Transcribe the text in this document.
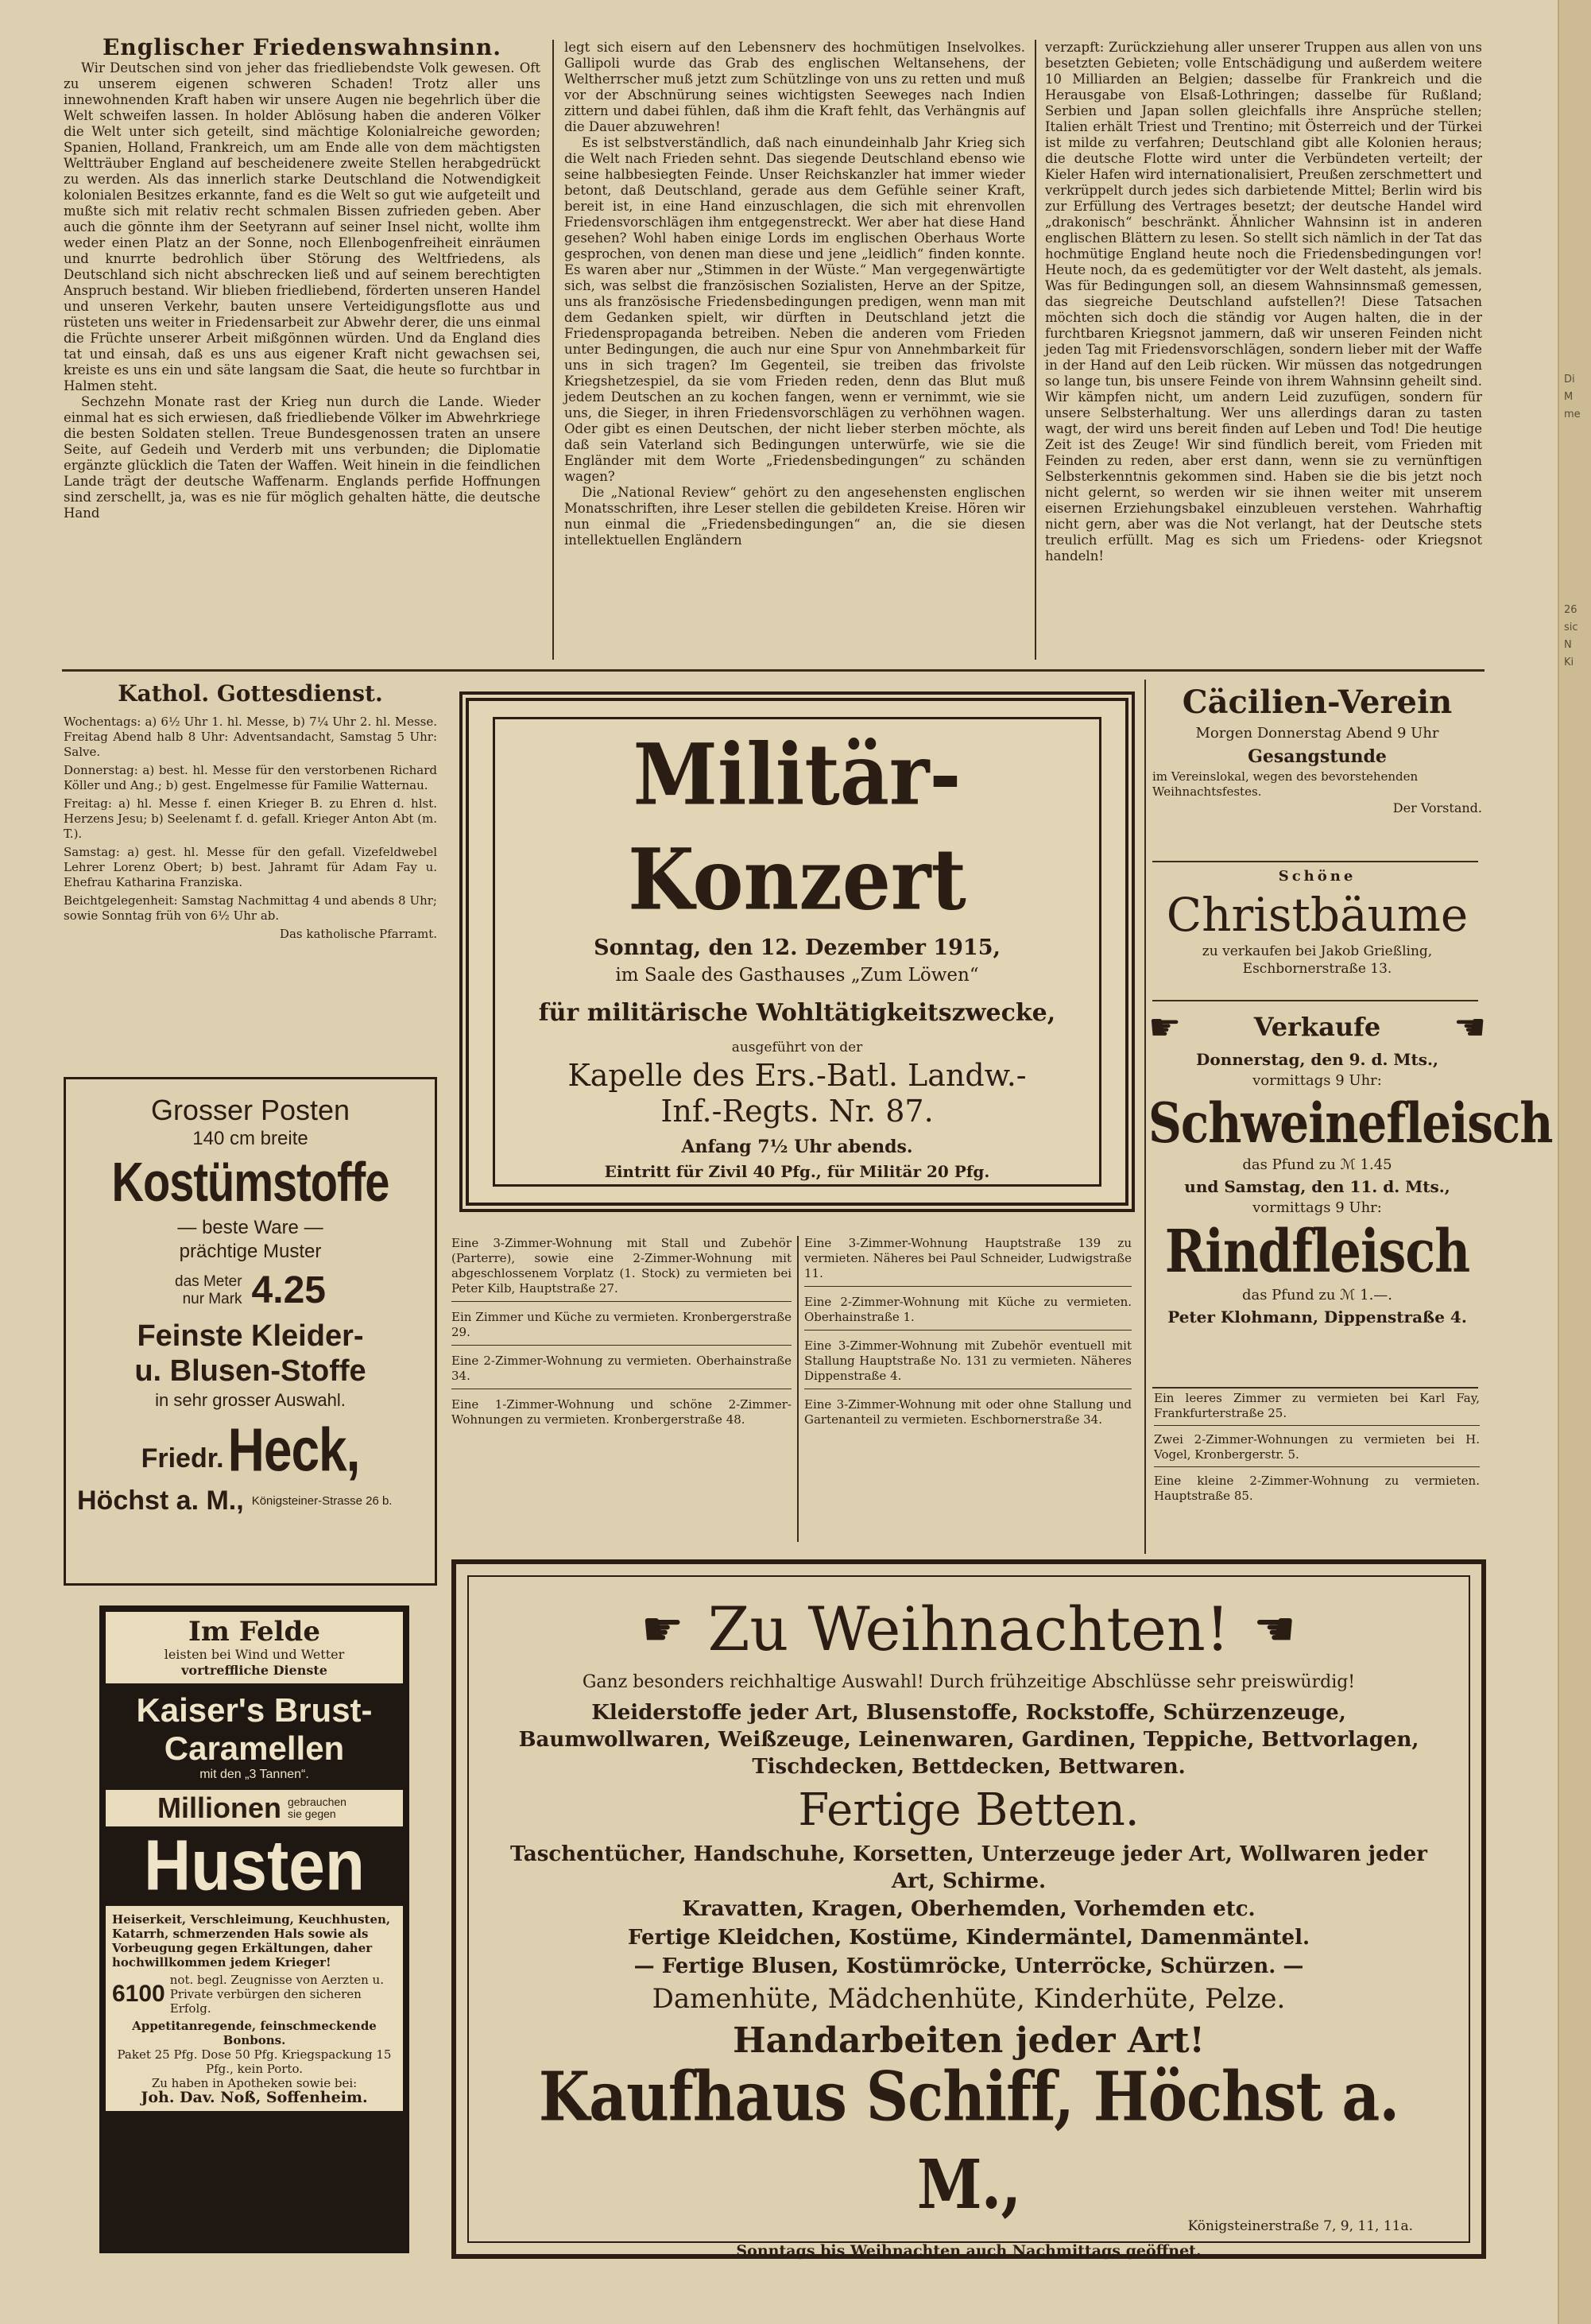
Englischer Friedenswahnsinn.

Wir Deutschen sind von jeher das friedliebendste Volk gewesen. Oft zu unserem eigenen schweren Schaden! Trotz aller uns innewohnenden Kraft haben wir unsere Augen nie begehrlich über die Welt schweifen lassen. In holder Ablösung haben die anderen Völker die Welt unter sich geteilt, sind mächtige Kolonialreiche geworden; Spanien, Holland, Frankreich, um am Ende alle von dem mächtigsten Weltträuber England auf bescheidenere zweite Stellen herabgedrückt zu werden. Als das innerlich starke Deutschland die Notwendigkeit kolonialen Besitzes erkannte, fand es die Welt so gut wie aufgeteilt und mußte sich mit relativ recht schmalen Bissen zufrieden geben. Aber auch die gönnte ihm der Seetyrann auf seiner Insel nicht, wollte ihm weder einen Platz an der Sonne, noch Ellenbogenfreiheit einräumen und knurrte bedrohlich über Störung des Weltfriedens, als Deutschland sich nicht abschrecken ließ und auf seinem berechtigten Anspruch bestand. Wir blieben friedliebend, förderten unseren Handel und unseren Verkehr, bauten unsere Verteidigungsflotte aus und rüsteten uns weiter in Friedensarbeit zur Abwehr derer, die uns einmal die Früchte unserer Arbeit mißgönnen würden. Und da England dies tat und einsah, daß es uns aus eigener Kraft nicht gewachsen sei, kreiste es uns ein und säte langsam die Saat, die heute so furchtbar in Halmen steht.

Sechzehn Monate rast der Krieg nun durch die Lande. Wieder einmal hat es sich erwiesen, daß friedliebende Völker im Abwehrkriege die besten Soldaten stellen. Treue Bundesgenossen traten an unsere Seite, auf Gedeih und Verderb mit uns verbunden; die Diplomatie ergänzte glücklich die Taten der Waffen. Weit hinein in die feindlichen Lande trägt der deutsche Waffenarm. Englands perfide Hoffnungen sind zerschellt, ja, was es nie für möglich gehalten hätte, die deutsche Hand

legt sich eisern auf den Lebensnerv des hochmütigen Inselvolkes. Gallipoli wurde das Grab des englischen Weltansehens, der Weltherrscher muß jetzt zum Schützlinge von uns zu retten und muß vor der Abschnürung seines wichtigsten Seeweges nach Indien zittern und dabei fühlen, daß ihm die Kraft fehlt, das Verhängnis auf die Dauer abzuwehren!

Es ist selbstverständlich, daß nach einundeinhalb Jahr Krieg sich die Welt nach Frieden sehnt. Das siegende Deutschland ebenso wie seine halbbesiegten Feinde. Unser Reichskanzler hat immer wieder betont, daß Deutschland, gerade aus dem Gefühle seiner Kraft, bereit ist, in eine Hand einzuschlagen, die sich mit ehrenvollen Friedensvorschlägen ihm entgegenstreckt. Wer aber hat diese Hand gesehen? Wohl haben einige Lords im englischen Oberhaus Worte gesprochen, von denen man diese und jene „leidlich“ finden konnte. Es waren aber nur „Stimmen in der Wüste.“ Man vergegenwärtigte sich, was selbst die französischen Sozialisten, Herve an der Spitze, uns als französische Friedensbedingungen predigen, wenn man mit dem Gedanken spielt, wir dürften in Deutschland jetzt die Friedenspropaganda betreiben. Neben die anderen vom Frieden unter Bedingungen, die auch nur eine Spur von Annehmbarkeit für uns in sich tragen? Im Gegenteil, sie treiben das frivolste Kriegshetzespiel, da sie vom Frieden reden, denn das Blut muß jedem Deutschen an zu kochen fangen, wenn er vernimmt, wie sie uns, die Sieger, in ihren Friedensvorschlägen zu verhöhnen wagen. Oder gibt es einen Deutschen, der nicht lieber sterben möchte, als daß sein Vaterland sich Bedingungen unterwürfe, wie sie die Engländer mit dem Worte „Friedensbedingungen“ zu schänden wagen?

Die „National Review“ gehört zu den angesehensten englischen Monatsschriften, ihre Leser stellen die gebildeten Kreise. Hören wir nun einmal die „Friedensbedingungen“ an, die sie diesen intellektuellen Engländern

verzapft: Zurückziehung aller unserer Truppen aus allen von uns besetzten Gebieten; volle Entschädigung und außerdem weitere 10 Milliarden an Belgien; dasselbe für Frankreich und die Herausgabe von Elsaß-Lothringen; dasselbe für Rußland; Serbien und Japan sollen gleichfalls ihre Ansprüche stellen; Italien erhält Triest und Trentino; mit Österreich und der Türkei ist milde zu verfahren; Deutschland gibt alle Kolonien heraus; die deutsche Flotte wird unter die Verbündeten verteilt; der Kieler Hafen wird internationalisiert, Preußen zerschmettert und verkrüppelt durch jedes sich darbietende Mittel; Berlin wird bis zur Erfüllung des Vertrages besetzt; der deutsche Handel wird „drakonisch“ beschränkt. Ähnlicher Wahnsinn ist in anderen englischen Blättern zu lesen. So stellt sich nämlich in der Tat das hochmütige England heute noch die Friedensbedingungen vor! Heute noch, da es gedemütigter vor der Welt dasteht, als jemals. Was für Bedingungen soll, an diesem Wahnsinnsmaß gemessen, das siegreiche Deutschland aufstellen?! Diese Tatsachen möchten sich doch die ständig vor Augen halten, die in der furchtbaren Kriegsnot jammern, daß wir unseren Feinden nicht jeden Tag mit Friedensvorschlägen, sondern lieber mit der Waffe in der Hand auf den Leib rücken. Wir müssen das notgedrungen so lange tun, bis unsere Feinde von ihrem Wahnsinn geheilt sind. Wir kämpfen nicht, um andern Leid zuzufügen, sondern für unsere Selbsterhaltung. Wer uns allerdings daran zu tasten wagt, der wird uns bereit finden auf Leben und Tod! Die heutige Zeit ist des Zeuge! Wir sind fündlich bereit, vom Frieden mit Feinden zu reden, aber erst dann, wenn sie zu vernünftigen Selbsterkenntnis gekommen sind. Haben sie die bis jetzt noch nicht gelernt, so werden wir sie ihnen weiter mit unserem eisernen Erziehungsbakel einzubleuen verstehen. Wahrhaftig nicht gern, aber was die Not verlangt, hat der Deutsche stets treulich erfüllt. Mag es sich um Friedens- oder Kriegsnot handeln!

Kathol. Gottesdienst.

Wochentags: a) 6½ Uhr 1. hl. Messe, b) 7¼ Uhr 2. hl. Messe. Freitag Abend halb 8 Uhr: Adventsandacht, Samstag 5 Uhr: Salve.

Donnerstag: a) best. hl. Messe für den verstorbenen Richard Köller und Ang.; b) gest. Engelmesse für Familie Watternau.

Freitag: a) hl. Messe f. einen Krieger B. zu Ehren d. hlst. Herzens Jesu; b) Seelenamt f. d. gefall. Krieger Anton Abt (m. T.).

Samstag: a) gest. hl. Messe für den gefall. Vizefeldwebel Lehrer Lorenz Obert; b) best. Jahramt für Adam Fay u. Ehefrau Katharina Franziska.

Beichtgelegenheit: Samstag Nachmittag 4 und abends 8 Uhr; sowie Sonntag früh von 6½ Uhr ab.

Das katholische Pfarramt.
Grosser Posten
140 cm breite
Kostümstoffe
— beste Ware —
prächtige Muster
das Meter
nur Mark 4.25
Feinste Kleider-
u. Blusen-Stoffe
in sehr grosser Auswahl.
Friedr. Heck,
Höchst a. M., Königsteiner-Strasse 26 b.
Im Felde
leisten bei Wind und Wetter
vortreffliche Dienste
Kaiser's Brust-Caramellen
mit den „3 Tannen“.
Millionen gebrauchen sie gegen
Husten
Heiserkeit, Verschleimung, Keuchhusten, Katarrh, schmerzenden Hals sowie als Vorbeugung gegen Erkältungen, daher hochwillkommen jedem Krieger!
6100
not. begl. Zeugnisse von Aerzten u. Private verbürgen den sicheren Erfolg.
Appetitanregende, feinschmeckende Bonbons.
Paket 25 Pfg. Dose 50 Pfg. Kriegspackung 15 Pfg., kein Porto.
Zu haben in Apotheken sowie bei:
Joh. Dav. Noß, Soffenheim.
Militär-Konzert
Sonntag, den 12. Dezember 1915,
im Saale des Gasthauses „Zum Löwen“
für militärische Wohltätigkeitszwecke,
ausgeführt von der
Kapelle des Ers.-Batl. Landw.-
Inf.-Regts. Nr. 87.
Anfang 7½ Uhr abends.
Eintritt für Zivil 40 Pfg., für Militär 20 Pfg.

Eine 3-Zimmer-Wohnung mit Stall und Zubehör (Parterre), sowie eine 2-Zimmer-Wohnung mit abgeschlossenem Vorplatz (1. Stock) zu vermieten bei Peter Kilb, Hauptstraße 27.

Ein Zimmer und Küche zu vermieten. Kronbergerstraße 29.

Eine 2-Zimmer-Wohnung zu vermieten. Oberhainstraße 34.

Eine 1-Zimmer-Wohnung und schöne 2-Zimmer-Wohnungen zu vermieten. Kronbergerstraße 48.

Eine 3-Zimmer-Wohnung Hauptstraße 139 zu vermieten. Näheres bei Paul Schneider, Ludwigstraße 11.

Eine 2-Zimmer-Wohnung mit Küche zu vermieten. Oberhainstraße 1.

Eine 3-Zimmer-Wohnung mit Zubehör eventuell mit Stallung Hauptstraße No. 131 zu vermieten. Näheres Dippenstraße 4.

Eine 3-Zimmer-Wohnung mit oder ohne Stallung und Gartenanteil zu vermieten. Eschbornerstraße 34.

Cäcilien-Verein
Morgen Donnerstag Abend 9 Uhr
Gesangstunde
im Vereinslokal, wegen des bevorstehenden Weihnachtsfestes.
Der Vorstand.
Schöne
Christbäume
zu verkaufen bei Jakob Grießling, Eschbornerstraße 13.
☛	Verkaufe ☛
Donnerstag, den 9. d. Mts.,
vormittags 9 Uhr:
Schweinefleisch
das Pfund zu ℳ 1.45
und Samstag, den 11. d. Mts.,
vormittags 9 Uhr:
Rindfleisch
das Pfund zu ℳ 1.—.
Peter Klohmann, Dippenstraße 4.

Ein leeres Zimmer zu vermieten bei Karl Fay, Frankfurterstraße 25.

Zwei 2-Zimmer-Wohnungen zu vermieten bei H. Vogel, Kronbergerstr. 5.

Eine kleine 2-Zimmer-Wohnung zu vermieten. Hauptstraße 85.

☛ Zu Weihnachten! ☛
Ganz besonders reichhaltige Auswahl! Durch frühzeitige Abschlüsse sehr preiswürdig!
Kleiderstoffe jeder Art, Blusenstoffe, Rockstoffe, Schürzenzeuge, Baumwollwaren, Weißzeuge, Leinenwaren, Gardinen, Teppiche, Bettvorlagen, Tischdecken, Bettdecken, Bettwaren.
Fertige Betten.
Taschentücher, Handschuhe, Korsetten, Unterzeuge jeder Art, Wollwaren jeder Art, Schirme.
Kravatten, Kragen, Oberhemden, Vorhemden etc.
Fertige Kleidchen, Kostüme, Kindermäntel, Damenmäntel.
— Fertige Blusen, Kostümröcke, Unterröcke, Schürzen. —
Damenhüte, Mädchenhüte, Kinderhüte, Pelze.
Handarbeiten jeder Art!
Kaufhaus Schiff, Höchst a. M.,
Königsteinerstraße 7, 9, 11, 11a.
Sonntags bis Weihnachten auch Nachmittags geöffnet.
Di
M
me
26
sic
N
Ki
